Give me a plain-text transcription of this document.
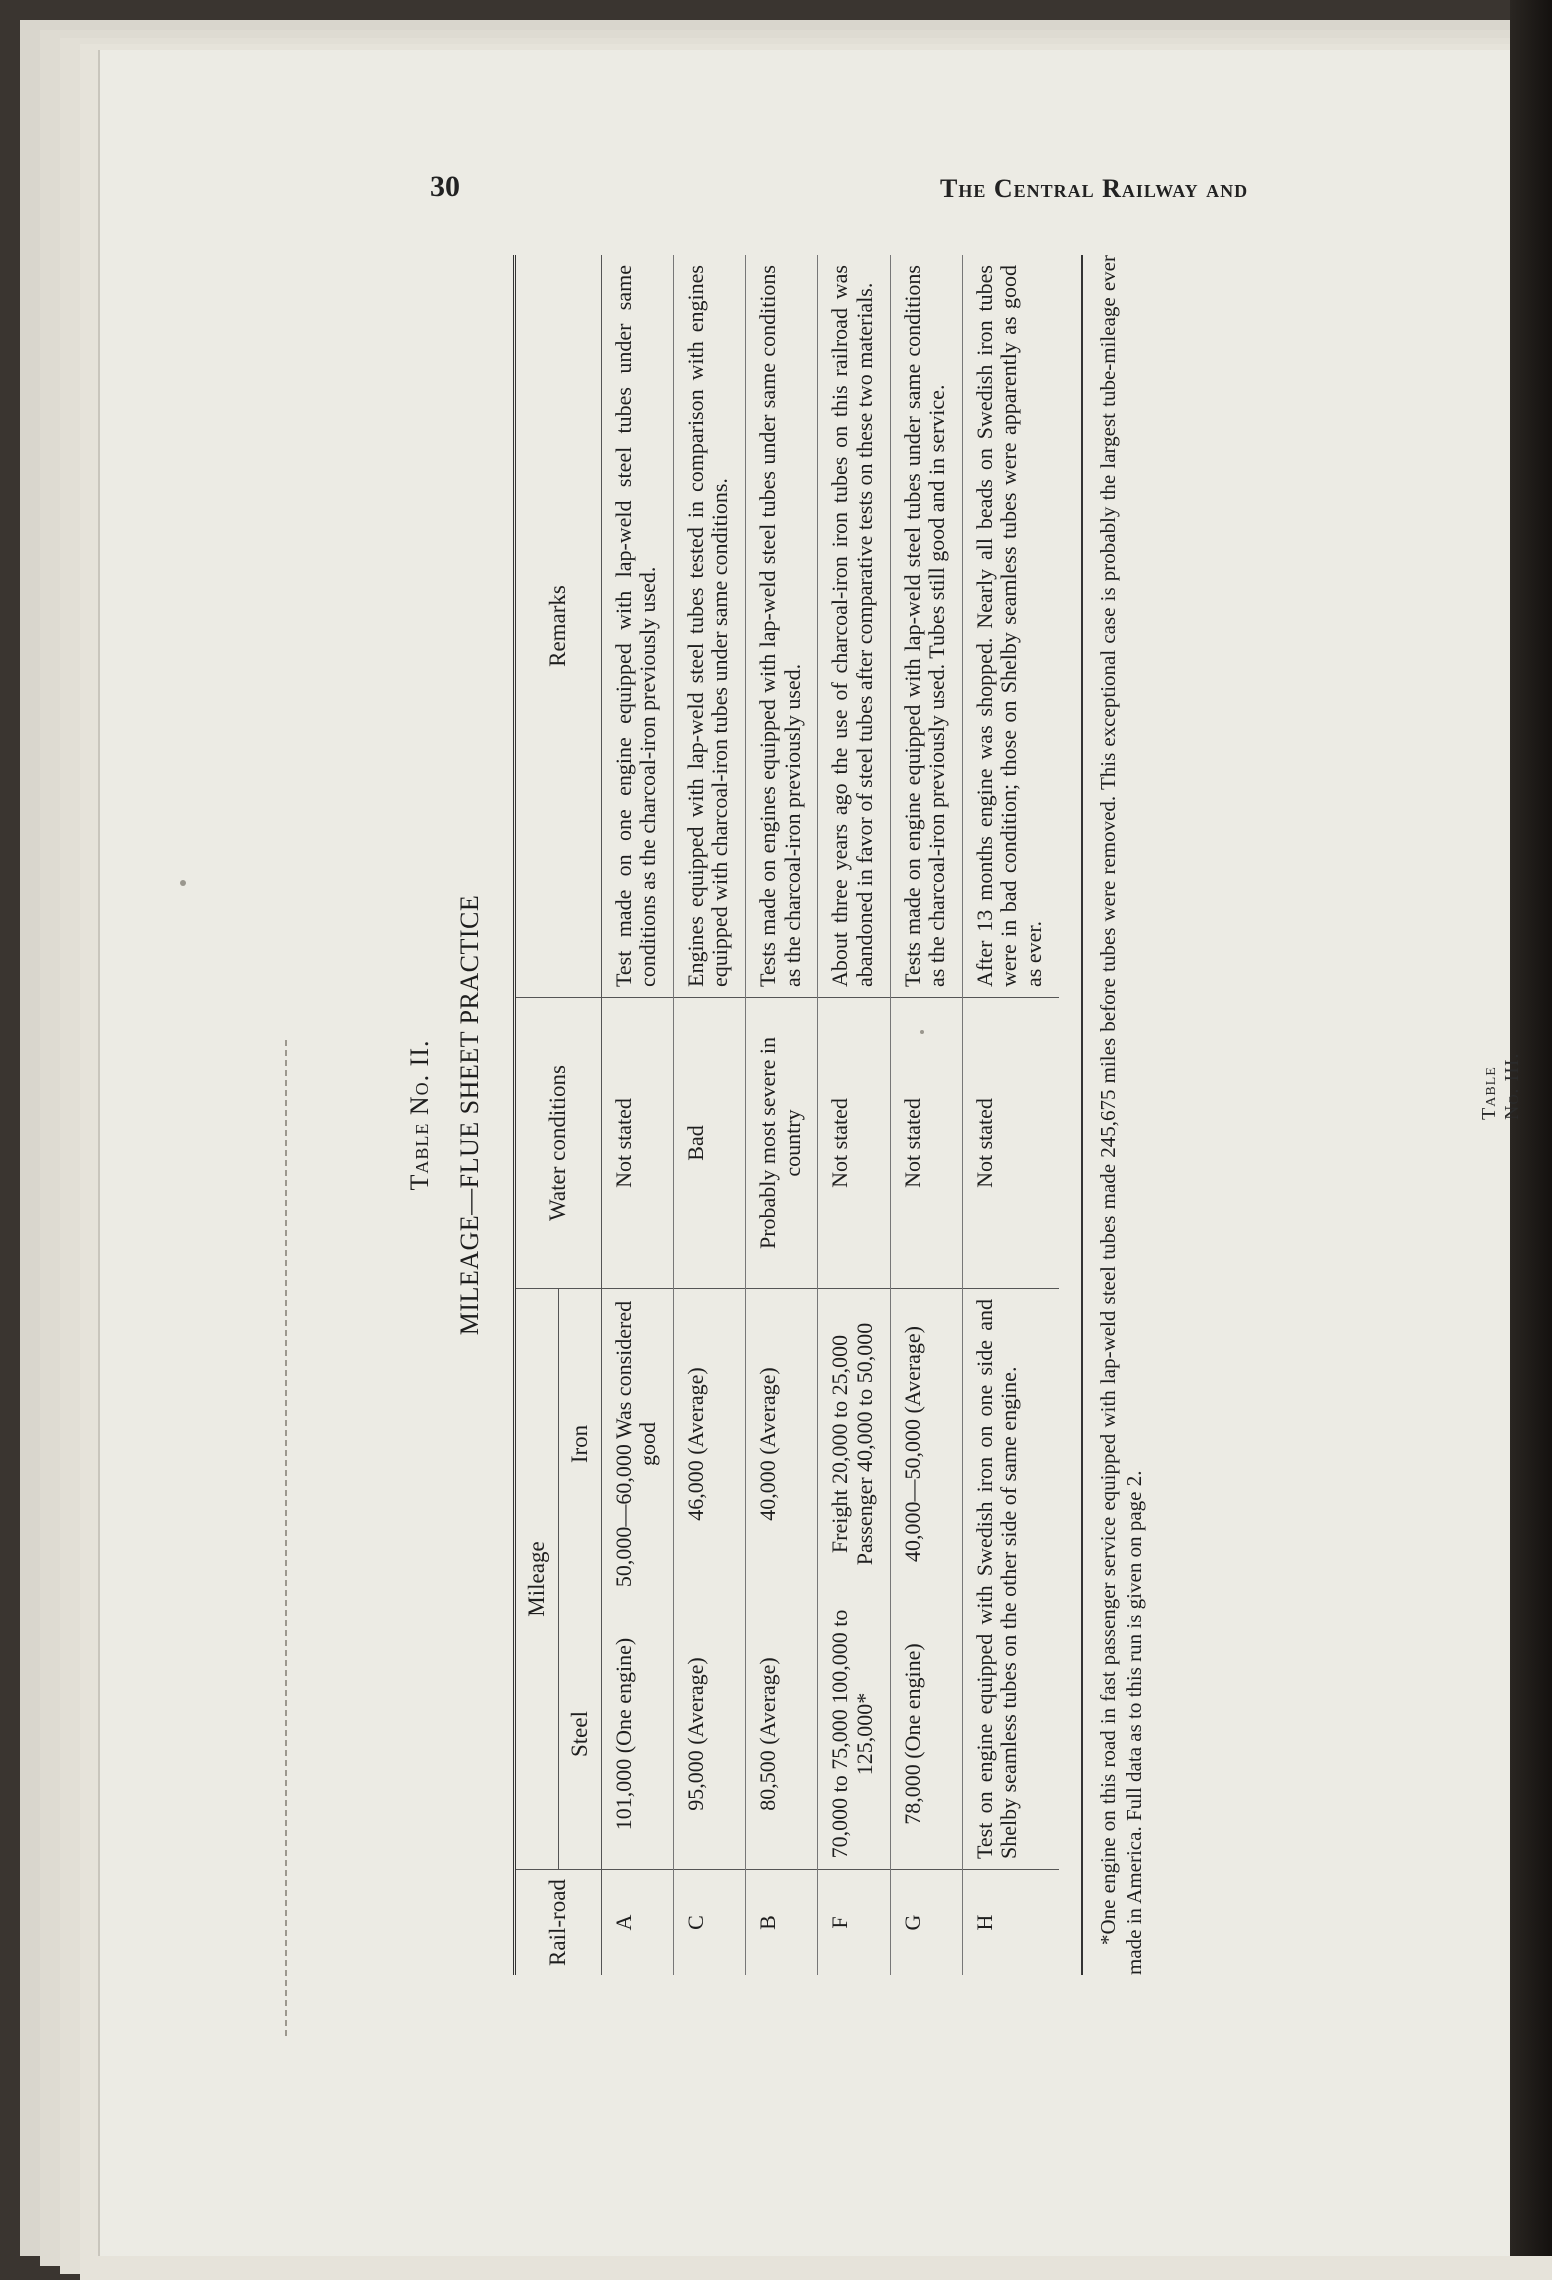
30	The Central Railway and
Table No. II. MILEAGE—FLUE SHEET PRACTICE
Rail-road	Mileage		Water conditions	Remarks
	Steel	Iron		
A	101,000 (One engine)	50,000—60,000 Was considered good	Not stated	Test made on one engine equipped with lap-weld steel tubes under same conditions as the charcoal-iron previously used.
C	95,000 (Average)	46,000 (Average)	Bad	Engines equipped with lap-weld steel tubes tested in comparison with engines equipped with charcoal-iron tubes under same conditions.
B	80,500 (Average)	40,000 (Average)	Probably most severe in country	Tests made on engines equipped with lap-weld steel tubes under same conditions as the charcoal-iron previously used.
F	70,000 to 75,000 100,000 to 125,000*	Freight 20,000 to 25,000 Passenger 40,000 to 50,000	Not stated	About three years ago the use of charcoal-iron iron tubes on this railroad was abandoned in favor of steel tubes after comparative tests on these two materials.
G	78,000 (One engine)	40,000—50,000 (Average)	Not stated	Tests made on engine equipped with lap-weld steel tubes under same conditions as the charcoal-iron previously used. Tubes still good and in service.
H	Test on engine equipped with Swedish iron on one side and Shelby seamless tubes on the other side of same engine.		Not stated	After 13 months engine was shopped. Nearly all beads on Swedish iron tubes were in bad condition; those on Shelby seamless tubes were apparently as good as ever.	*One engine on this road in fast passenger service equipped with lap-weld steel tubes made 245,675 miles before tubes were removed. This exceptional case is probably the largest tube-mileage ever made in America. Full data as to this run is given on page 2.
Table No. III.
